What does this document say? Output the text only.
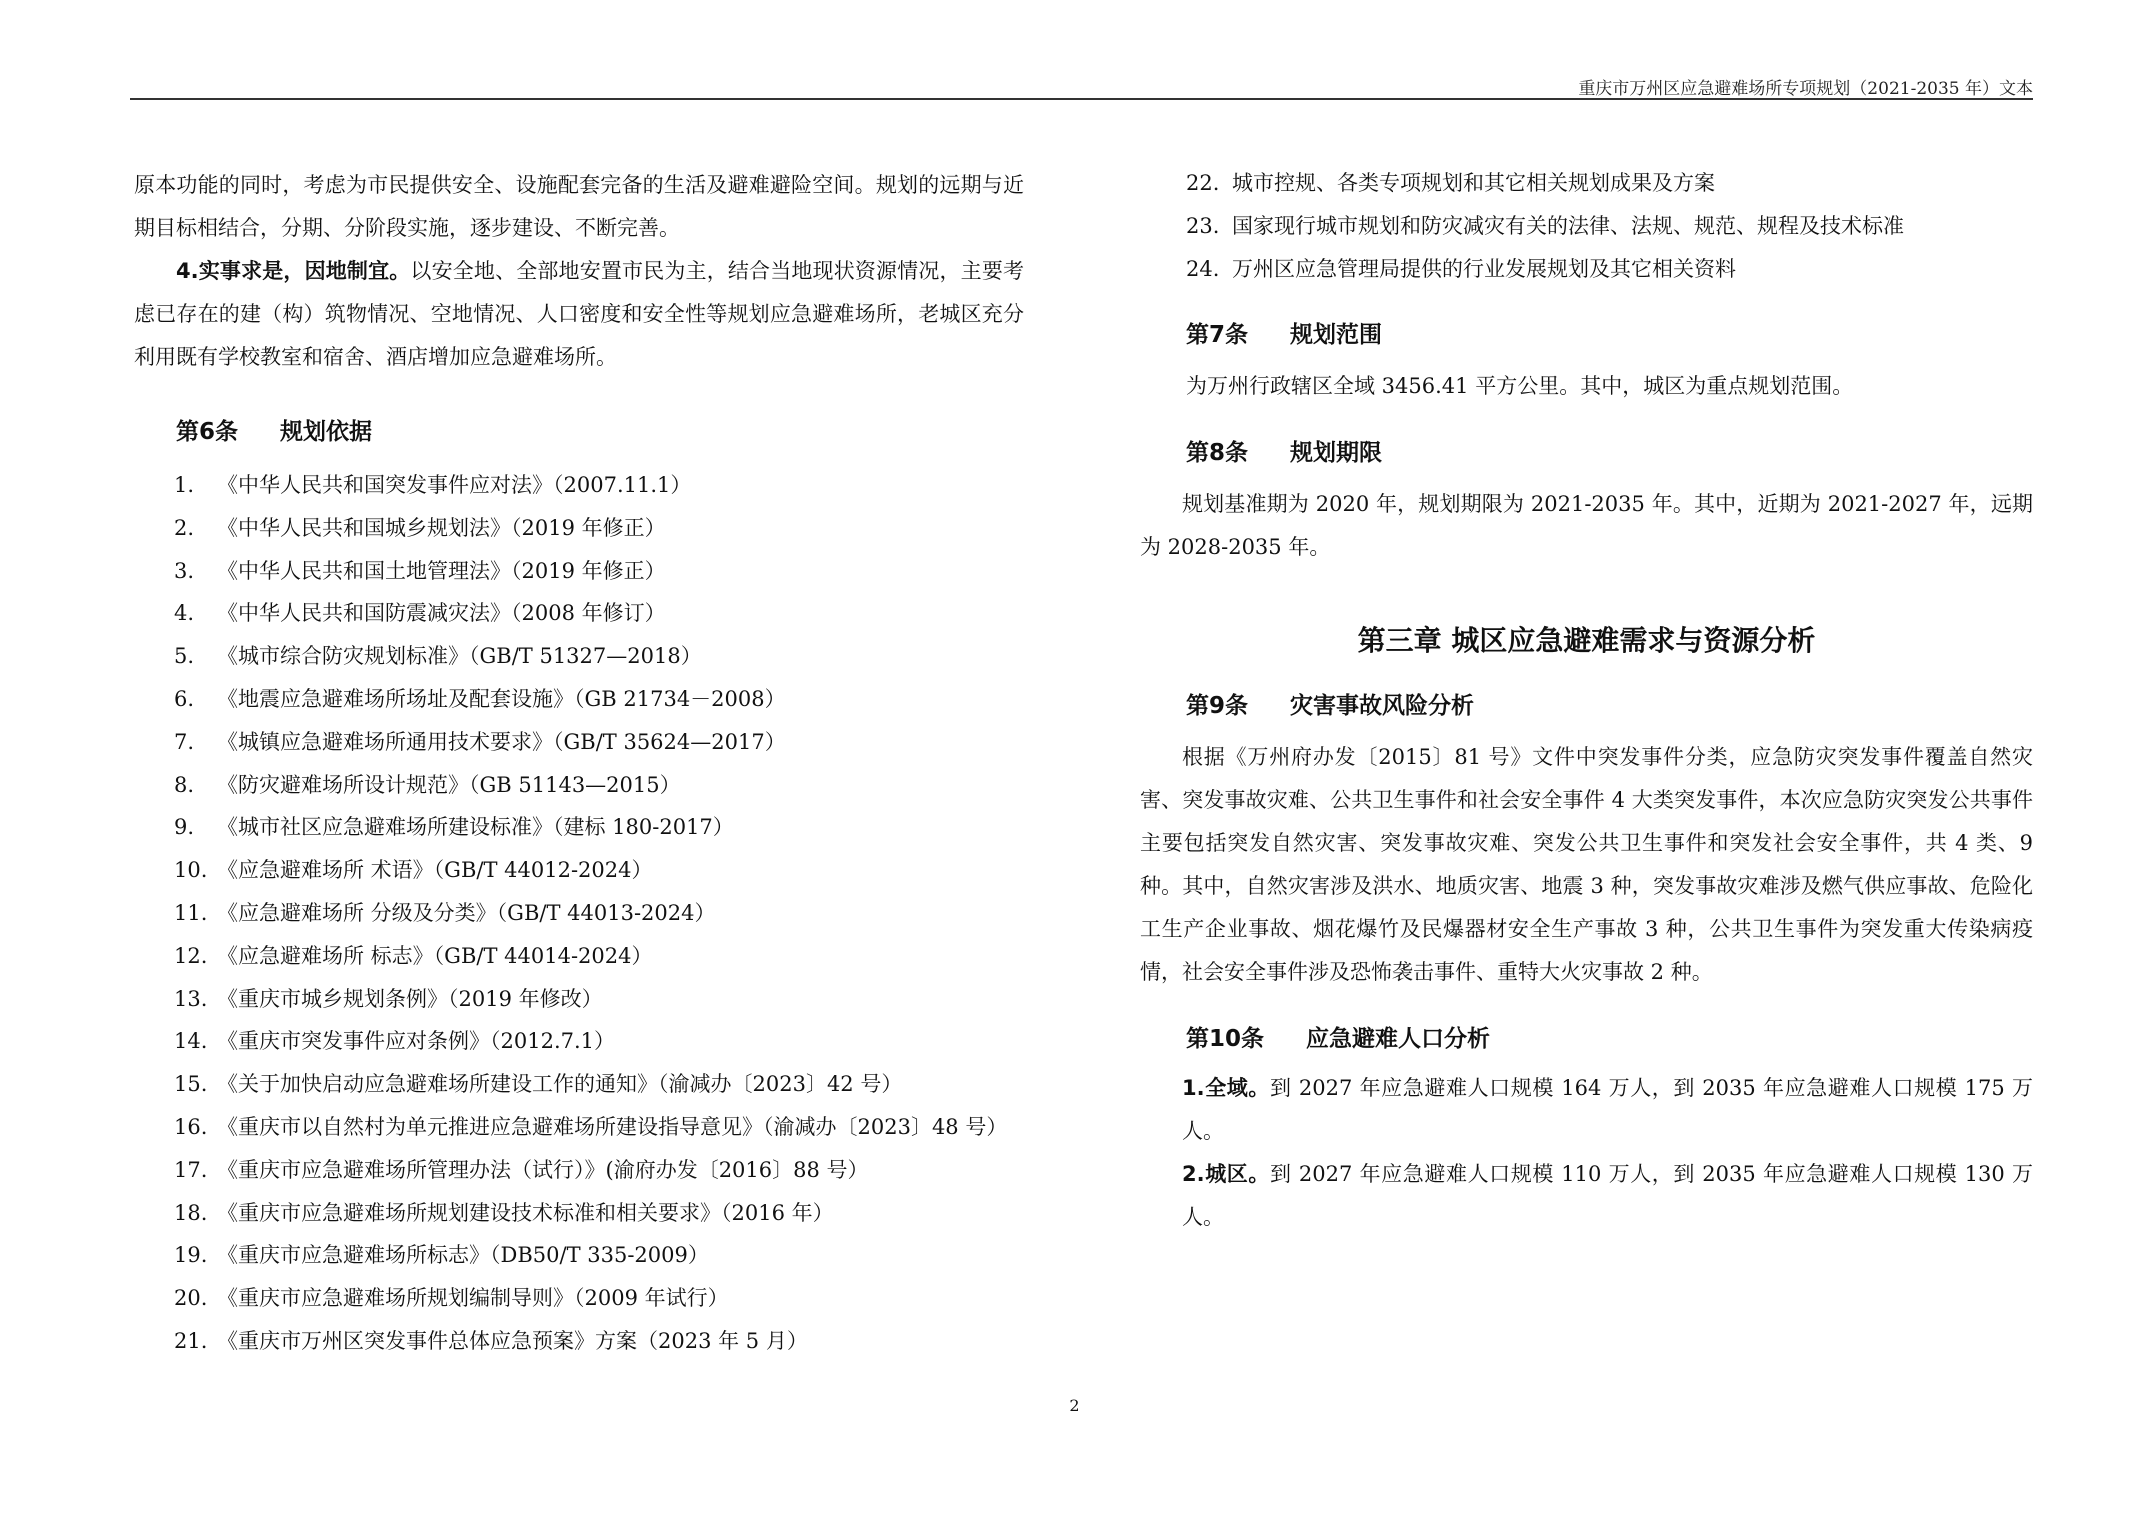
重庆市万州区应急避难场所专项规划（2021-2035 年）文本

原本功能的同时，考虑为市民提供安全、设施配套完备的生活及避难避险空间。规划的远期与近期目标相结合，分期、分阶段实施，逐步建设、不断完善。

4.实事求是，因地制宜。以安全地、全部地安置市民为主，结合当地现状资源情况，主要考虑已存在的建（构）筑物情况、空地情况、人口密度和安全性等规划应急避难场所，老城区充分利用既有学校教室和宿舍、酒店增加应急避难场所。

第6条 规划依据
1. 《中华人民共和国突发事件应对法》（2007.11.1）
2. 《中华人民共和国城乡规划法》（2019 年修正）
3. 《中华人民共和国土地管理法》（2019 年修正）
4. 《中华人民共和国防震减灾法》（2008 年修订）
5. 《城市综合防灾规划标准》（GB/T 51327—2018）
6. 《地震应急避难场所场址及配套设施》（GB 21734－2008）
7. 《城镇应急避难场所通用技术要求》（GB/T 35624—2017）
8. 《防灾避难场所设计规范》（GB 51143—2015）
9. 《城市社区应急避难场所建设标准》（建标 180-2017）
10. 《应急避难场所 术语》（GB/T 44012-2024）
11. 《应急避难场所 分级及分类》（GB/T 44013-2024）
12. 《应急避难场所 标志》（GB/T 44014-2024）
13. 《重庆市城乡规划条例》（2019 年修改）
14. 《重庆市突发事件应对条例》（2012.7.1）
15. 《关于加快启动应急避难场所建设工作的通知》（渝减办〔2023〕42 号）
16. 《重庆市以自然村为单元推进应急避难场所建设指导意见》（渝减办〔2023〕48 号）
17. 《重庆市应急避难场所管理办法（试行）》(渝府办发〔2016〕88 号）
18. 《重庆市应急避难场所规划建设技术标准和相关要求》（2016 年）
19. 《重庆市应急避难场所标志》（DB50/T 335-2009）
20. 《重庆市应急避难场所规划编制导则》（2009 年试行）
21. 《重庆市万州区突发事件总体应急预案》方案（2023 年 5 月）
22. 城市控规、各类专项规划和其它相关规划成果及方案
23. 国家现行城市规划和防灾减灾有关的法律、法规、规范、规程及技术标准
24. 万州区应急管理局提供的行业发展规划及其它相关资料
第7条 规划范围

为万州行政辖区全域 3456.41 平方公里。其中，城区为重点规划范围。

第8条 规划期限

规划基准期为 2020 年，规划期限为 2021-2035 年。其中，近期为 2021-2027 年，远期为 2028-2035 年。

第三章 城区应急避难需求与资源分析
第9条 灾害事故风险分析

根据《万州府办发〔2015〕81 号》文件中突发事件分类，应急防灾突发事件覆盖自然灾害、突发事故灾难、公共卫生事件和社会安全事件 4 大类突发事件，本次应急防灾突发公共事件主要包括突发自然灾害、突发事故灾难、突发公共卫生事件和突发社会安全事件，共 4 类、9 种。其中，自然灾害涉及洪水、地质灾害、地震 3 种，突发事故灾难涉及燃气供应事故、危险化工生产企业事故、烟花爆竹及民爆器材安全生产事故 3 种，公共卫生事件为突发重大传染病疫情，社会安全事件涉及恐怖袭击事件、重特大火灾事故 2 种。

第10条 应急避难人口分析

1.全域。到 2027 年应急避难人口规模 164 万人，到 2035 年应急避难人口规模 175 万人。

2.城区。到 2027 年应急避难人口规模 110 万人，到 2035 年应急避难人口规模 130 万人。

2
